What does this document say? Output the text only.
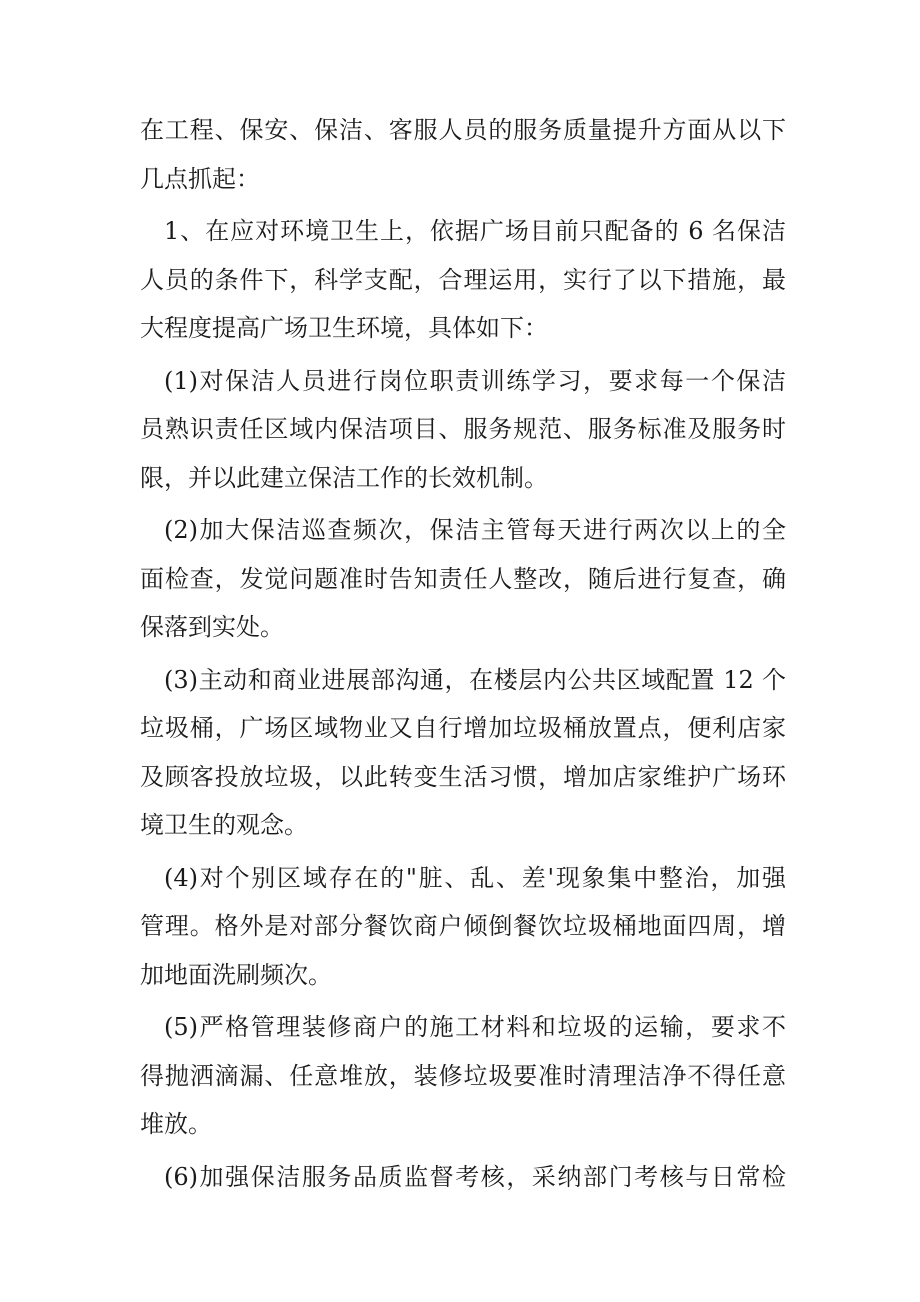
在工程、保安、保洁、客服人员的服务质量提升方面从以下
几点抓起：

1、在应对环境卫生上，依据广场目前只配备的 6 名保洁
人员的条件下，科学支配，合理运用，实行了以下措施，最
大程度提高广场卫生环境，具体如下：

(1)对保洁人员进行岗位职责训练学习，要求每一个保洁
员熟识责任区域内保洁项目、服务规范、服务标准及服务时
限，并以此建立保洁工作的长效机制。

(2)加大保洁巡查频次，保洁主管每天进行两次以上的全
面检查，发觉问题准时告知责任人整改，随后进行复查，确
保落到实处。

(3)主动和商业进展部沟通，在楼层内公共区域配置 12 个
垃圾桶，广场区域物业又自行增加垃圾桶放置点，便利店家
及顾客投放垃圾，以此转变生活习惯，增加店家维护广场环
境卫生的观念。

(4)对个别区域存在的"脏、乱、差'现象集中整治，加强
管理。格外是对部分餐饮商户倾倒餐饮垃圾桶地面四周，增
加地面洗刷频次。

(5)严格管理装修商户的施工材料和垃圾的运输，要求不
得抛洒滴漏、任意堆放，装修垃圾要准时清理洁净不得任意
堆放。

(6)加强保洁服务品质监督考核，采纳部门考核与日常检
